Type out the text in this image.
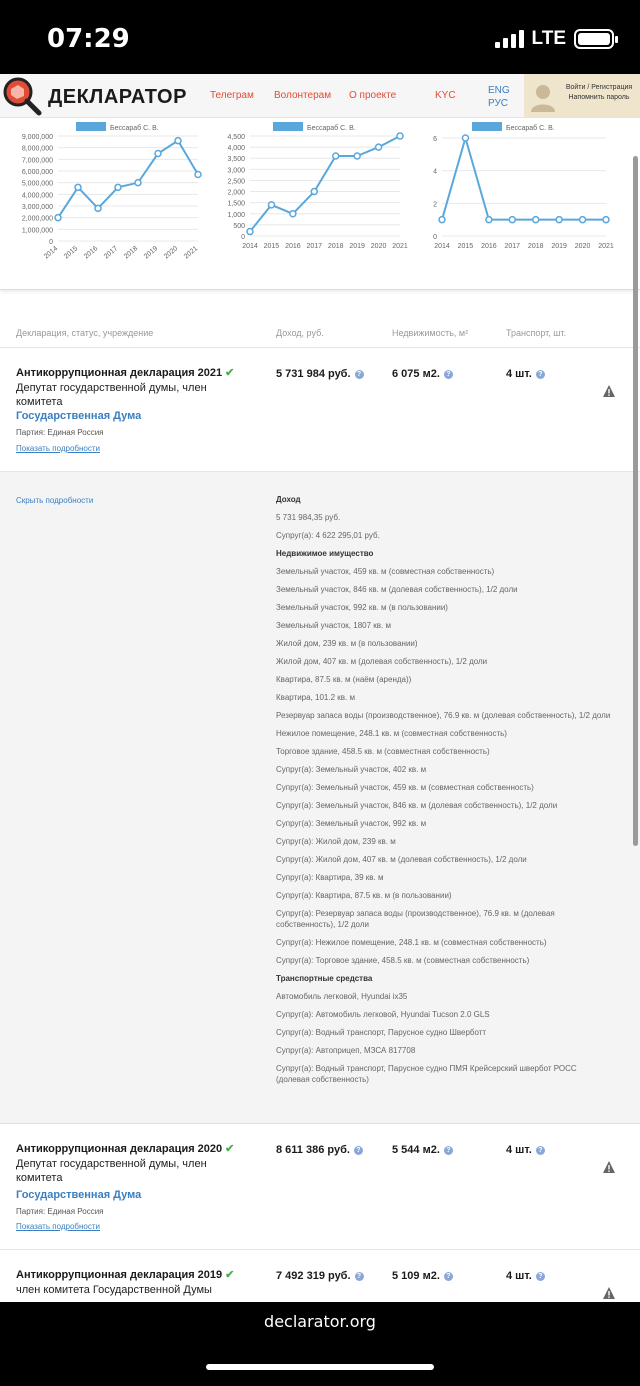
07:29	LTE
ДЕКЛАРАТОР Телеграм Волонтерам О проекте	KYC	ENG
РУС
Войти / Регистрация
Напомнить пароль
Бессараб С. В.
9,000,000
8,000,000
7,000,000
6,000,000
5,000,000
4,000,000
3,000,000
2,000,000
1,000,000
0
2014 2015 2016 2017 2018 2019 2020 2021
Бессараб С. В.
4,500
4,000
3,500
3,000
2,500
2,000
1,500
1,000
500
0
2014 2015 2016 2017 2018 2019 2020 2021
Бессараб С. В.
6
4
2
0
2014 2015 2016 2017 2018 2019 2020 2021
Декларация, статус, учреждение	Доход, руб.	Недвижимость, м²	Транспорт, шт.
Антикоррупционная декларация 2021 ✔
Депутат государственной думы, член комитета
Государственная Дума
Партия: Единая Россия
Показать подробности
5 731 984 руб. ?	6 075 м2. ?	4 шт. ?
Скрыть подробности	Доход
5 731 984,35 руб.
Супруг(а): 4 622 295,01 руб.
Недвижимое имущество
Земельный участок, 459 кв. м (совместная собственность)
Земельный участок, 846 кв. м (долевая собственность), 1/2 доли
Земельный участок, 992 кв. м (в пользовании)
Земельный участок, 1807 кв. м
Жилой дом, 239 кв. м (в пользовании)
Жилой дом, 407 кв. м (долевая собственность), 1/2 доли
Квартира, 87.5 кв. м (наём (аренда))
Квартира, 101.2 кв. м
Резервуар запаса воды (производственное), 76.9 кв. м (долевая собственность), 1/2 доли
Нежилое помещение, 248.1 кв. м (совместная собственность)
Торговое здание, 458.5 кв. м (совместная собственность)
Супруг(а): Земельный участок, 402 кв. м
Супруг(а): Земельный участок, 459 кв. м (совместная собственность)
Супруг(а): Земельный участок, 846 кв. м (долевая собственность), 1/2 доли
Супруг(а): Земельный участок, 992 кв. м
Супруг(а): Жилой дом, 239 кв. м
Супруг(а): Жилой дом, 407 кв. м (долевая собственность), 1/2 доли
Супруг(а): Квартира, 39 кв. м
Супруг(а): Квартира, 87.5 кв. м (в пользовании)
Супруг(а): Резервуар запаса воды (производственное), 76.9 кв. м (долевая собственность), 1/2 доли
Супруг(а): Нежилое помещение, 248.1 кв. м (совместная собственность)
Супруг(а): Торговое здание, 458.5 кв. м (совместная собственность)
Транспортные средства
Автомобиль легковой, Hyundai ix35
Супруг(а): Автомобиль легковой, Hyundai Tucson 2.0 GLS
Супруг(а): Водный транспорт, Парусное судно Шверботт
Супруг(а): Автоприцеп, МЗСА 817708
Супруг(а): Водный транспорт, Парусное судно ПМЯ Крейсерский швербот РОСС (долевая собственность)
Антикоррупционная декларация 2020 ✔
Депутат государственной думы, член комитета
Государственная Дума
Партия: Единая Россия
Показать подробности
8 611 386 руб. ?	5 544 м2. ?	4 шт. ?
Антикоррупционная декларация 2019 ✔
член комитета Государственной Думы
7 492 319 руб. ?	5 109 м2. ?	4 шт. ?
declarator.org
